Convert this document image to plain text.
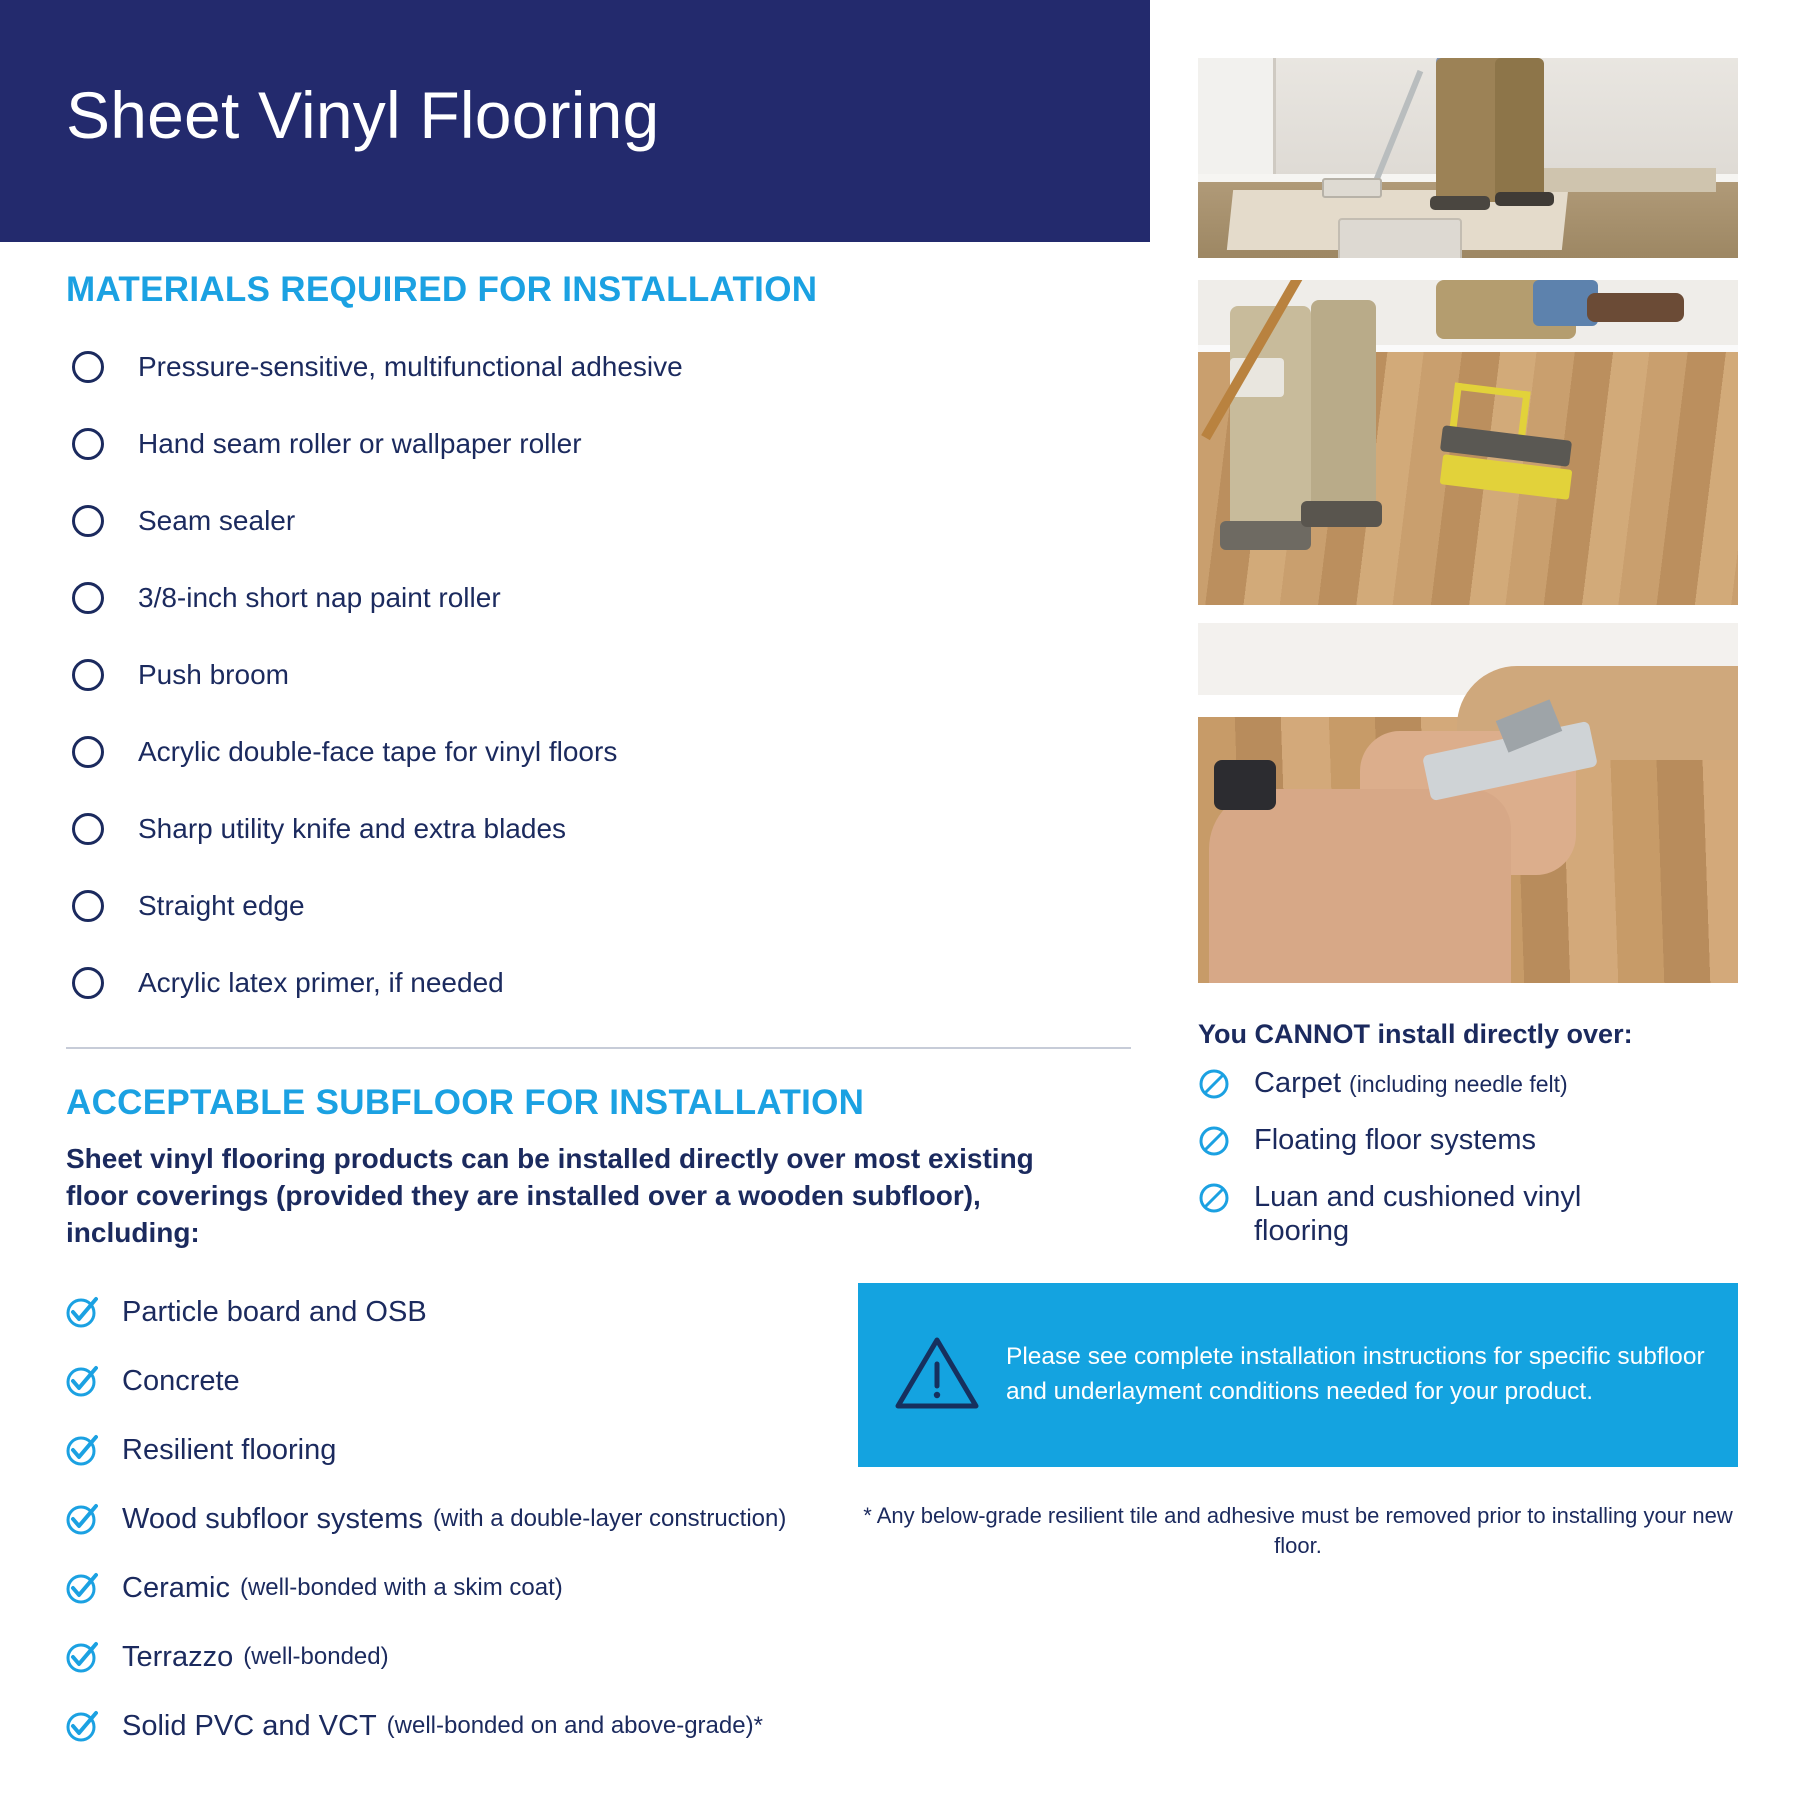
Sheet Vinyl Flooring
MATERIALS REQUIRED FOR INSTALLATION
Pressure-sensitive, multifunctional adhesive
Hand seam roller or wallpaper roller
Seam sealer
3/8-inch short nap paint roller
Push broom
Acrylic double-face tape for vinyl floors
Sharp utility knife and extra blades
Straight edge
Acrylic latex primer, if needed
ACCEPTABLE SUBFLOOR FOR INSTALLATION

Sheet vinyl flooring products can be installed directly over most existing floor coverings (provided they are installed over a wooden subfloor), including:

Particle board and OSB
Concrete
Resilient flooring
Wood subfloor systems (with a double-layer construction)
Ceramic (well-bonded with a skim coat)
Terrazzo (well-bonded)
Solid PVC and VCT (well-bonded on and above-grade)*
You CANNOT install directly over:
Carpet (including needle felt)
Floating floor systems
Luan and cushioned vinyl flooring
Please see complete installation instructions for specific subfloor and underlayment conditions needed for your product.
* Any below-grade resilient tile and adhesive must be removed prior to installing your new floor.
